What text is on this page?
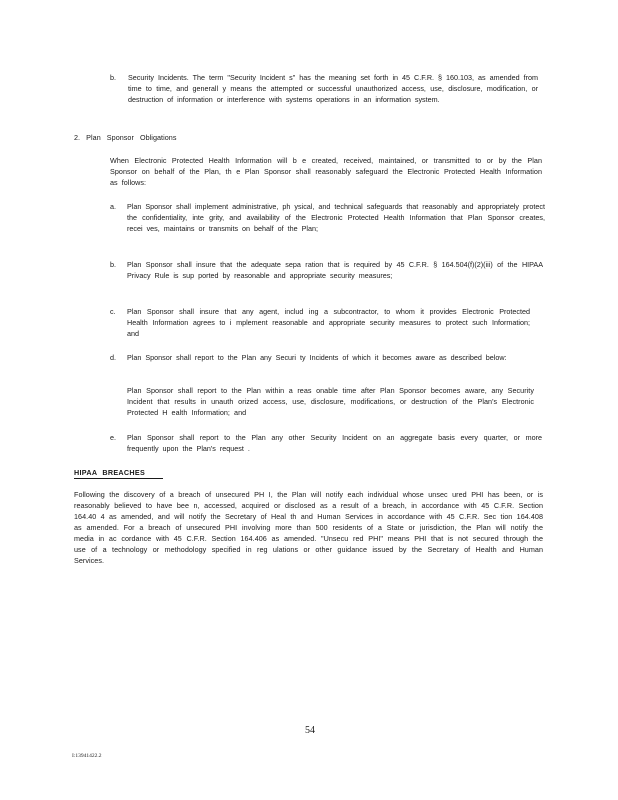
b. Security Incidents. The term "Security Incident s" has the meaning set forth in 45 C.F.R. § 160.103, as amended from time to time, and generall y means the attempted or successful unauthorized access, use, disclosure, modification, or destruction of information or interference with systems operations in an information system.
2. Plan Sponsor Obligations
When Electronic Protected Health Information will b e created, received, maintained, or transmitted to or by the Plan Sponsor on behalf of the Plan, th e Plan Sponsor shall reasonably safeguard the Electronic Protected Health Information as follows:
a. Plan Sponsor shall implement administrative, ph ysical, and technical safeguards that reasonably and appropriately protect the confidentiality, inte grity, and availability of the Electronic Protected Health Information that Plan Sponsor creates, recei ves, maintains or transmits on behalf of the Plan;
b. Plan Sponsor shall insure that the adequate sepa ration that is required by 45 C.F.R. § 164.504(f)(2)(iii) of the HIPAA Privacy Rule is sup ported by reasonable and appropriate security measures;
c. Plan Sponsor shall insure that any agent, includ ing a subcontractor, to whom it provides Electronic Protected Health Information agrees to i mplement reasonable and appropriate security measures to protect such Information; and
d. Plan Sponsor shall report to the Plan any Securi ty Incidents of which it becomes aware as described below:
Plan Sponsor shall report to the Plan within a reas onable time after Plan Sponsor becomes aware, any Security Incident that results in unauth orized access, use, disclosure, modifications, or destruction of the Plan's Electronic Protected H ealth Information; and
e. Plan Sponsor shall report to the Plan any other Security Incident on an aggregate basis every quarter, or more frequently upon the Plan's request .
HIPAA BREACHES
Following the discovery of a breach of unsecured PH I, the Plan will notify each individual whose unsec ured PHI has been, or is reasonably believed to have bee n, accessed, acquired or disclosed as a result of a breach, in accordance with 45 C.F.R. Section 164.40 4 as amended, and will notify the Secretary of Heal th and Human Services in accordance with 45 C.F.R. Sec tion 164.408 as amended. For a breach of unsecured PHI involving more than 500 residents of a State or jurisdiction, the Plan will notify the media in ac cordance with 45 C.F.R. Section 164.406 as amended. "Unsecu red PHI" means PHI that is not secured through the use of a technology or methodology specified in reg ulations or other guidance issued by the Secretary of Health and Human Services.
54
I:13941422.2
